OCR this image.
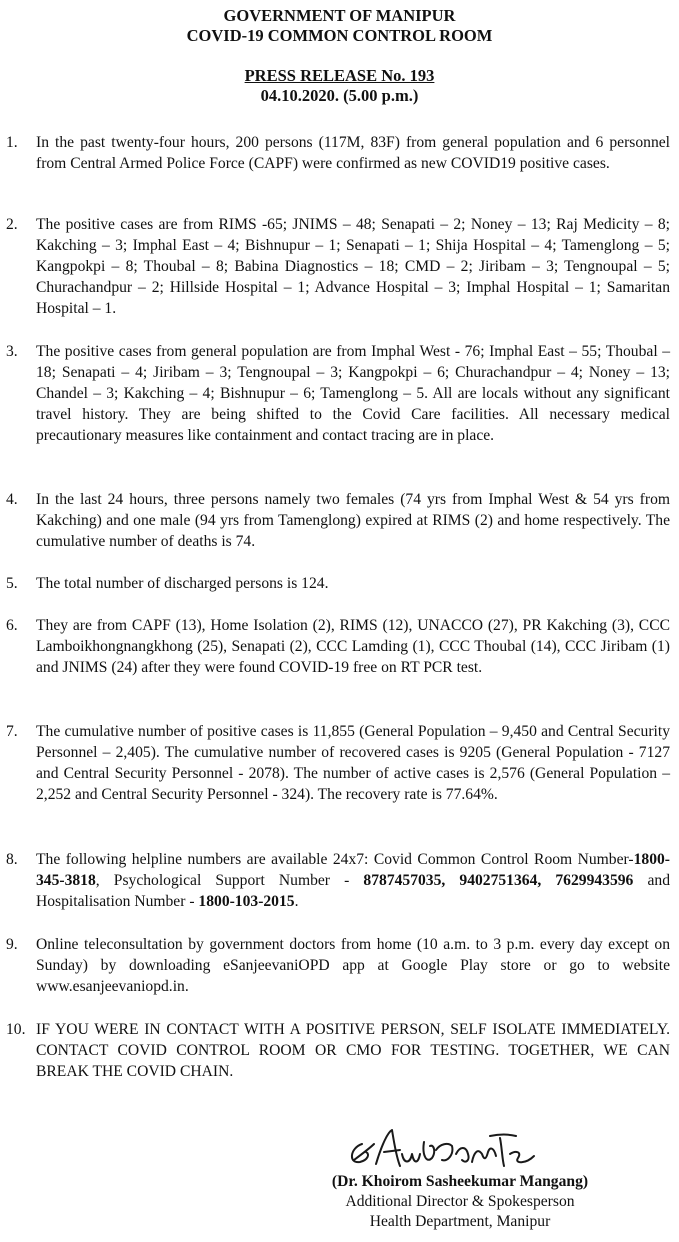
GOVERNMENT OF MANIPUR
COVID-19 COMMON CONTROL ROOM
PRESS RELEASE No. 193
04.10.2020. (5.00 p.m.)
1.	In the past twenty-four hours, 200 persons (117M, 83F) from general population and 6 personnel from Central Armed Police Force (CAPF) were confirmed as new COVID19 positive cases.
2.	The positive cases are from RIMS -65; JNIMS – 48; Senapati – 2; Noney – 13; Raj Medicity – 8; Kakching – 3; Imphal East – 4; Bishnupur – 1; Senapati – 1; Shija Hospital – 4; Tamenglong – 5; Kangpokpi – 8; Thoubal – 8; Babina Diagnostics – 18; CMD – 2; Jiribam – 3; Tengnoupal – 5; Churachandpur – 2; Hillside Hospital – 1; Advance Hospital – 3; Imphal Hospital – 1; Samaritan Hospital – 1.
3.	The positive cases from general population are from Imphal West - 76; Imphal East – 55; Thoubal – 18; Senapati – 4; Jiribam – 3; Tengnoupal – 3; Kangpokpi – 6; Churachandpur – 4; Noney – 13; Chandel – 3; Kakching – 4; Bishnupur – 6; Tamenglong – 5. All are locals without any significant travel history. They are being shifted to the Covid Care facilities. All necessary medical precautionary measures like containment and contact tracing are in place.
4.	In the last 24 hours, three persons namely two females (74 yrs from Imphal West & 54 yrs from Kakching) and one male (94 yrs from Tamenglong) expired at RIMS (2) and home respectively. The cumulative number of deaths is 74.
5.	The total number of discharged persons is 124.
6.	They are from CAPF (13), Home Isolation (2), RIMS (12), UNACCO (27), PR Kakching (3), CCC Lamboikhongnangkhong (25), Senapati (2), CCC Lamding (1), CCC Thoubal (14), CCC Jiribam (1) and JNIMS (24) after they were found COVID-19 free on RT PCR test.
7.	The cumulative number of positive cases is 11,855 (General Population – 9,450 and Central Security Personnel – 2,405). The cumulative number of recovered cases is 9205 (General Population - 7127 and Central Security Personnel - 2078). The number of active cases is 2,576 (General Population – 2,252 and Central Security Personnel - 324). The recovery rate is 77.64%.
8.	The following helpline numbers are available 24x7: Covid Common Control Room Number-1800-345-3818, Psychological Support Number - 8787457035, 9402751364, 7629943596 and Hospitalisation Number - 1800-103-2015.
9.	Online teleconsultation by government doctors from home (10 a.m. to 3 p.m. every day except on Sunday) by downloading eSanjeevaniOPD app at Google Play store or go to website www.esanjeevaniopd.in.
10. IF YOU WERE IN CONTACT WITH A POSITIVE PERSON, SELF ISOLATE IMMEDIATELY. CONTACT COVID CONTROL ROOM OR CMO FOR TESTING. TOGETHER, WE CAN BREAK THE COVID CHAIN.
(Dr. Khoirom Sasheekumar Mangang)
Additional Director & Spokesperson
Health Department, Manipur
